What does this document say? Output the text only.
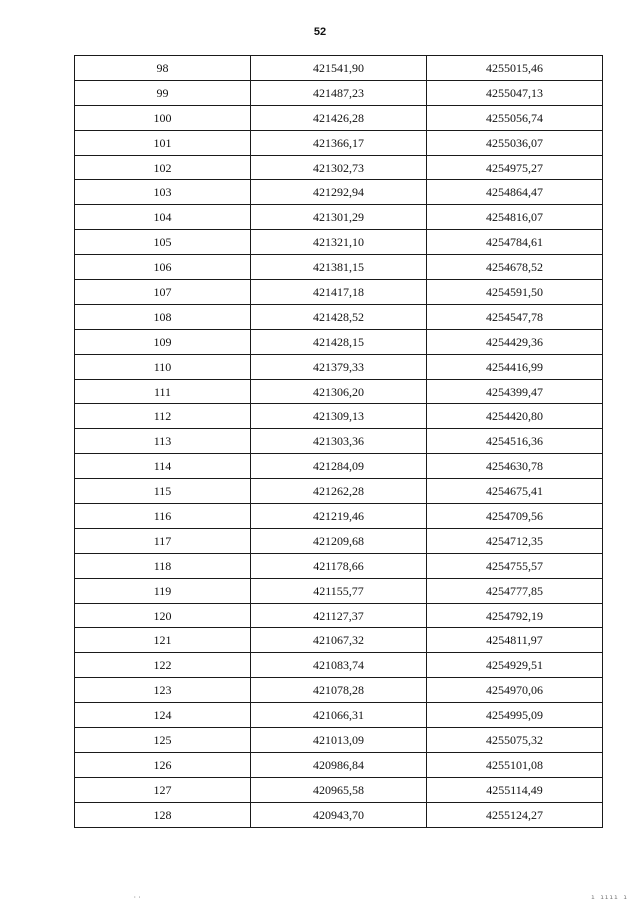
52
98	421541,90	4255015,46
99	421487,23	4255047,13
100	421426,28	4255056,74
101	421366,17	4255036,07
102	421302,73	4254975,27
103	421292,94	4254864,47
104	421301,29	4254816,07
105	421321,10	4254784,61
106	421381,15	4254678,52
107	421417,18	4254591,50
108	421428,52	4254547,78
109	421428,15	4254429,36
110	421379,33	4254416,99
111	421306,20	4254399,47
112	421309,13	4254420,80
113	421303,36	4254516,36
114	421284,09	4254630,78
115	421262,28	4254675,41
116	421219,46	4254709,56
117	421209,68	4254712,35
118	421178,66	4254755,57
119	421155,77	4254777,85
120	421127,37	4254792,19
121	421067,32	4254811,97
122	421083,74	4254929,51
123	421078,28	4254970,06
124	421066,31	4254995,09
125	421013,09	4255075,32
126	420986,84	4255101,08
127	420965,58	4255114,49
128	420943,70	4255124,27
··	ı ıııı ı
